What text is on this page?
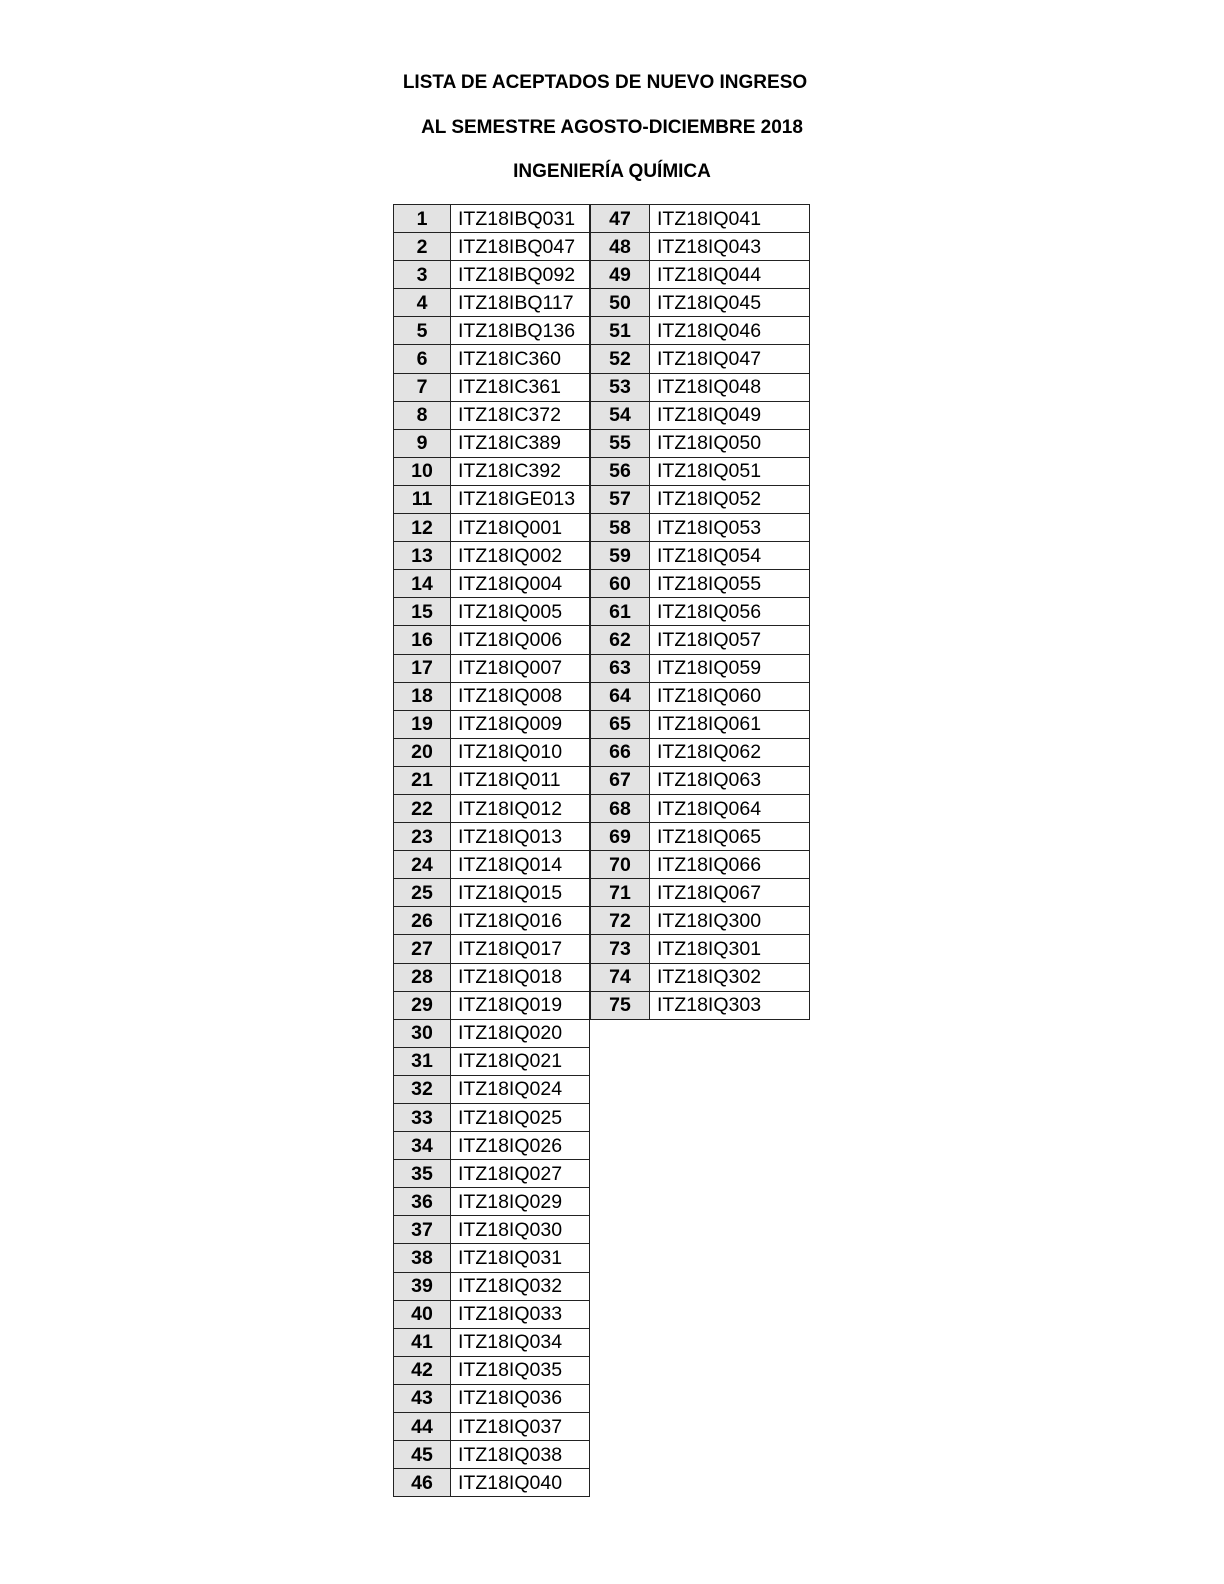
LISTA DE ACEPTADOS DE NUEVO INGRESO
AL SEMESTRE AGOSTO-DICIEMBRE 2018
INGENIERÍA QUÍMICA
1	ITZ18IBQ031
2	ITZ18IBQ047
3	ITZ18IBQ092
4	ITZ18IBQ117
5	ITZ18IBQ136
6	ITZ18IC360
7	ITZ18IC361
8	ITZ18IC372
9	ITZ18IC389
10	ITZ18IC392
11	ITZ18IGE013
12	ITZ18IQ001
13	ITZ18IQ002
14	ITZ18IQ004
15	ITZ18IQ005
16	ITZ18IQ006
17	ITZ18IQ007
18	ITZ18IQ008
19	ITZ18IQ009
20	ITZ18IQ010
21	ITZ18IQ011
22	ITZ18IQ012
23	ITZ18IQ013
24	ITZ18IQ014
25	ITZ18IQ015
26	ITZ18IQ016
27	ITZ18IQ017
28	ITZ18IQ018
29	ITZ18IQ019
30	ITZ18IQ020
31	ITZ18IQ021
32	ITZ18IQ024
33	ITZ18IQ025
34	ITZ18IQ026
35	ITZ18IQ027
36	ITZ18IQ029
37	ITZ18IQ030
38	ITZ18IQ031
39	ITZ18IQ032
40	ITZ18IQ033
41	ITZ18IQ034
42	ITZ18IQ035
43	ITZ18IQ036
44	ITZ18IQ037
45	ITZ18IQ038
46	ITZ18IQ040
47	ITZ18IQ041
48	ITZ18IQ043
49	ITZ18IQ044
50	ITZ18IQ045
51	ITZ18IQ046
52	ITZ18IQ047
53	ITZ18IQ048
54	ITZ18IQ049
55	ITZ18IQ050
56	ITZ18IQ051
57	ITZ18IQ052
58	ITZ18IQ053
59	ITZ18IQ054
60	ITZ18IQ055
61	ITZ18IQ056
62	ITZ18IQ057
63	ITZ18IQ059
64	ITZ18IQ060
65	ITZ18IQ061
66	ITZ18IQ062
67	ITZ18IQ063
68	ITZ18IQ064
69	ITZ18IQ065
70	ITZ18IQ066
71	ITZ18IQ067
72	ITZ18IQ300
73	ITZ18IQ301
74	ITZ18IQ302
75	ITZ18IQ303
